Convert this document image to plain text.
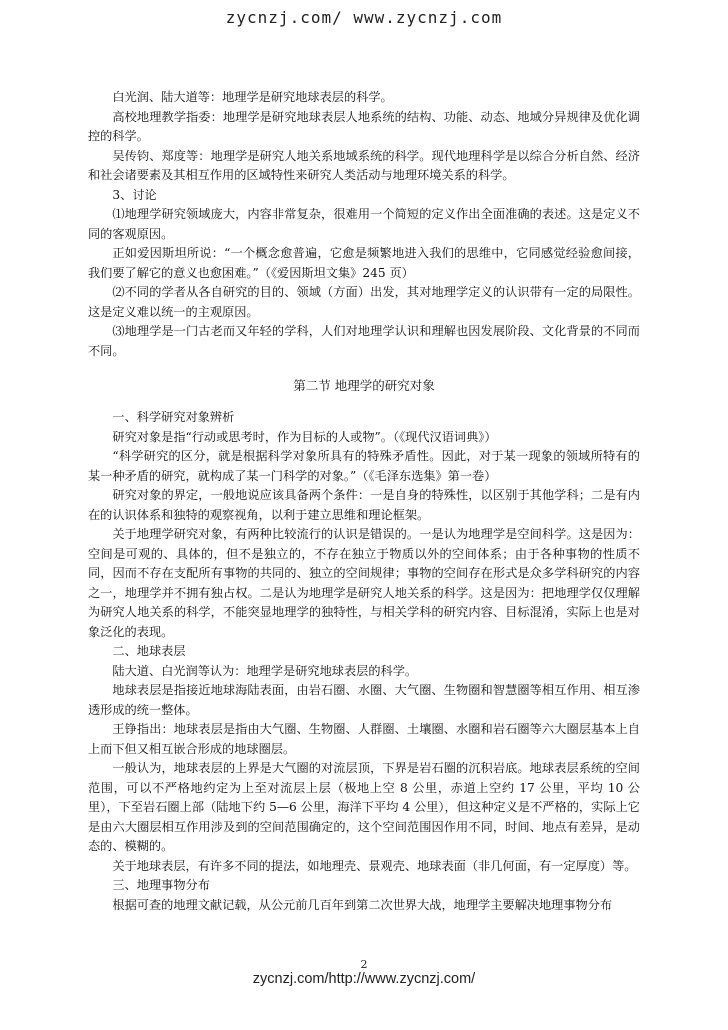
zycnzj.com/ www.zycnzj.com

白光润、陆大道等：地理学是研究地球表层的科学。

高校地理教学指委：地理学是研究地球表层人地系统的结构、功能、动态、地域分异规律及优化调控的科学。

吴传钧、郑度等：地理学是研究人地关系地域系统的科学。现代地理科学是以综合分析自然、经济和社会诸要素及其相互作用的区域特性来研究人类活动与地理环境关系的科学。

3、讨论

⑴地理学研究领域庞大，内容非常复杂，很难用一个简短的定义作出全面准确的表述。这是定义不同的客观原因。

正如爱因斯坦所说：“一个概念愈普遍，它愈是频繁地进入我们的思维中，它同感觉经验愈间接，我们要了解它的意义也愈困难。”（《爱因斯坦文集》245 页）

⑵不同的学者从各自研究的目的、领域（方面）出发，其对地理学定义的认识带有一定的局限性。这是定义难以统一的主观原因。

⑶地理学是一门古老而又年轻的学科，人们对地理学认识和理解也因发展阶段、文化背景的不同而不同。

第二节 地理学的研究对象

一、科学研究对象辨析

研究对象是指“行动或思考时，作为目标的人或物”。（《现代汉语词典》）

“科学研究的区分，就是根据科学对象所具有的特殊矛盾性。因此，对于某一现象的领域所特有的某一种矛盾的研究，就构成了某一门科学的对象。”（《毛泽东选集》第一卷）

研究对象的界定，一般地说应该具备两个条件：一是自身的特殊性，以区别于其他学科；二是有内在的认识体系和独特的观察视角，以利于建立思维和理论框架。

关于地理学研究对象，有两种比较流行的认识是错误的。一是认为地理学是空间科学。这是因为：空间是可观的、具体的，但不是独立的，不存在独立于物质以外的空间体系；由于各种事物的性质不同，因而不存在支配所有事物的共同的、独立的空间规律；事物的空间存在形式是众多学科研究的内容之一，地理学并不拥有独占权。二是认为地理学是研究人地关系的科学。这是因为：把地理学仅仅理解为研究人地关系的科学，不能突显地理学的独特性，与相关学科的研究内容、目标混淆，实际上也是对象泛化的表现。

二、地球表层

陆大道、白光润等认为：地理学是研究地球表层的科学。

地球表层是指接近地球海陆表面，由岩石圈、水圈、大气圈、生物圈和智慧圈等相互作用、相互渗透形成的统一整体。

王铮指出：地球表层是指由大气圈、生物圈、人群圈、土壤圈、水圈和岩石圈等六大圈层基本上自上而下但又相互嵌合形成的地球圈层。

一般认为，地球表层的上界是大气圈的对流层顶，下界是岩石圈的沉积岩底。地球表层系统的空间范围，可以不严格地约定为上至对流层上层（极地上空 8 公里，赤道上空约 17 公里，平均 10 公里），下至岩石圈上部（陆地下约 5—6 公里，海洋下平均 4 公里），但这种定义是不严格的，实际上它是由六大圈层相互作用涉及到的空间范围确定的，这个空间范围因作用不同，时间、地点有差异，是动态的、模糊的。

关于地球表层，有许多不同的提法，如地理壳、景观壳、地球表面（非几何面，有一定厚度）等。

三、地理事物分布

根据可查的地理文献记载，从公元前几百年到第二次世界大战，地理学主要解决地理事物分布

2
zycnzj.com/http://www.zycnzj.com/
